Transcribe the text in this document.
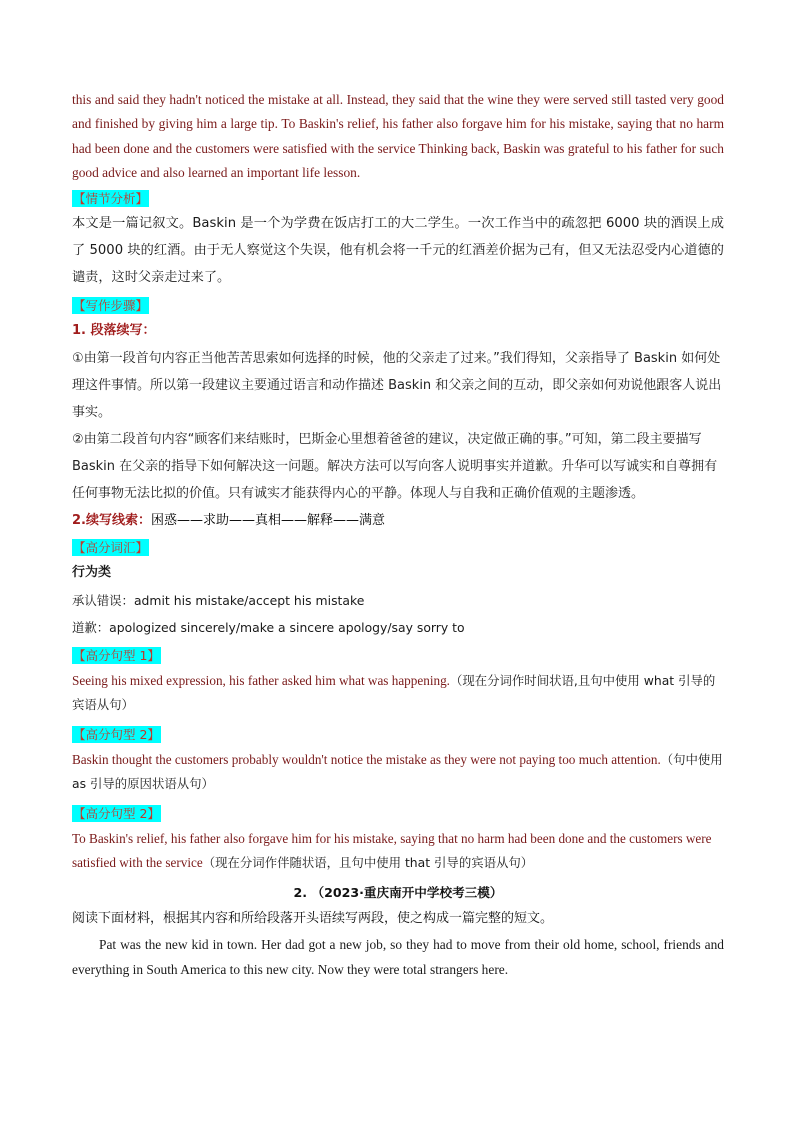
this and said they hadn't noticed the mistake at all. Instead, they said that the wine they were served still tasted very good and finished by giving him a large tip. To Baskin's relief, his father also forgave him for his mistake, saying that no harm had been done and the customers were satisfied with the service Thinking back, Baskin was grateful to his father for such good advice and also learned an important life lesson.

【情节分析】

本文是一篇记叙文。Baskin 是一个为学费在饭店打工的大二学生。一次工作当中的疏忽把 6000 块的酒误上成了 5000 块的红酒。由于无人察觉这个失误，他有机会将一千元的红酒差价据为己有，但又无法忍受内心道德的谴责，这时父亲走过来了。

【写作步骤】

1. 段落续写：

①由第一段首句内容正当他苦苦思索如何选择的时候，他的父亲走了过来。”我们得知，父亲指导了 Baskin 如何处理这件事情。所以第一段建议主要通过语言和动作描述 Baskin 和父亲之间的互动，即父亲如何劝说他跟客人说出事实。

②由第二段首句内容“顾客们来结账时，巴斯金心里想着爸爸的建议，决定做正确的事。”可知，第二段主要描写 Baskin 在父亲的指导下如何解决这一问题。解决方法可以写向客人说明事实并道歉。升华可以写诚实和自尊拥有任何事物无法比拟的价值。只有诚实才能获得内心的平静。体现人与自我和正确价值观的主题渗透。

2.续写线索：困惑——求助——真相——解释——满意

【高分词汇】

行为类

承认错误：admit his mistake/accept his mistake

道歉：apologized sincerely/make a sincere apology/say sorry to

【高分句型 1】

Seeing his mixed expression, his father asked him what was happening.（现在分词作时间状语,且句中使用 what 引导的宾语从句）

【高分句型 2】

Baskin thought the customers probably wouldn't notice the mistake as they were not paying too much attention.（句中使用 as 引导的原因状语从句）

【高分句型 2】

To Baskin's relief, his father also forgave him for his mistake, saying that no harm had been done and the customers were satisfied with the service（现在分词作伴随状语，且句中使用 that 引导的宾语从句）

2. （2023·重庆南开中学校考三模）

阅读下面材料，根据其内容和所给段落开头语续写两段，使之构成一篇完整的短文。

Pat was the new kid in town. Her dad got a new job, so they had to move from their old home, school, friends and everything in South America to this new city. Now they were total strangers here.
